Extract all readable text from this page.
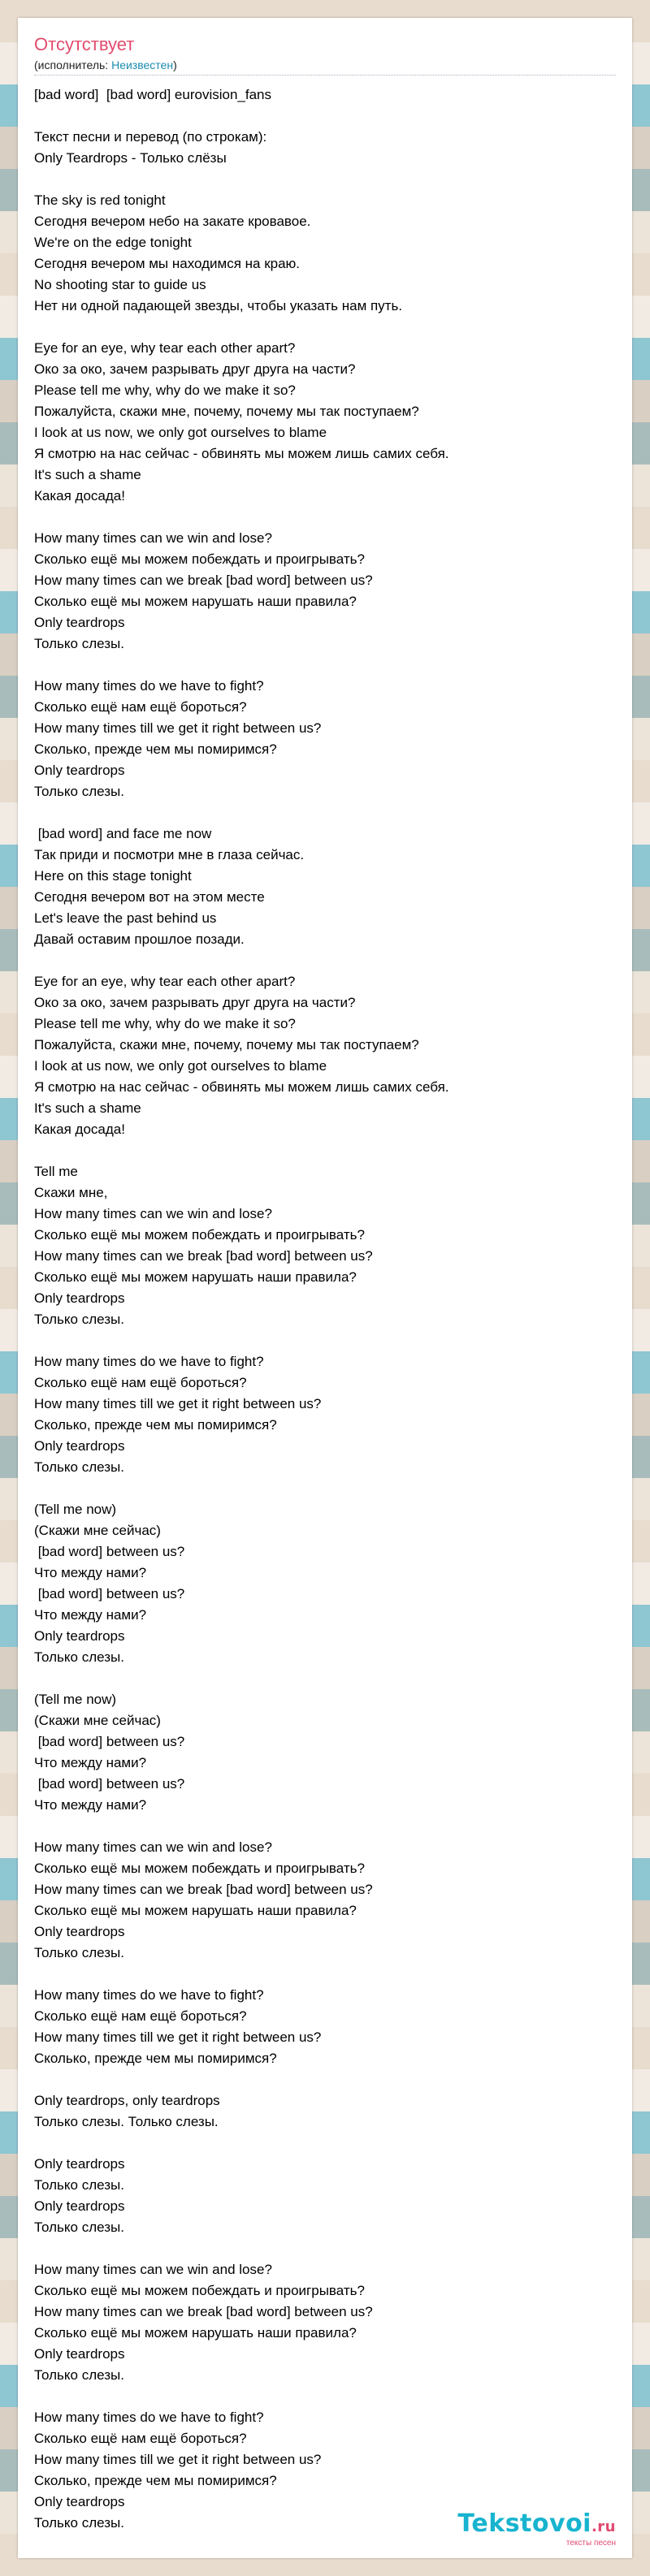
Отсутствует
(исполнитель: Неизвестен)
[bad word]  [bad word] eurovision_fans
Текст песни и перевод (по строкам):
Only Teardrops - Только слёзы
The sky is red tonight
Сегодня вечером небо на закате кровавое.
We're on the edge tonight
Сегодня вечером мы находимся на краю.
No shooting star to guide us
Нет ни одной падающей звезды, чтобы указать нам путь.
Eye for an eye, why tear each other apart?
Око за око, зачем разрывать друг друга на части?
Please tell me why, why do we make it so?
Пожалуйста, скажи мне, почему, почему мы так поступаем?
I look at us now, we only got ourselves to blame
Я смотрю на нас сейчас - обвинять мы можем лишь самих себя.
It's such a shame
Какая досада!
How many times can we win and lose?
Сколько ещё мы можем побеждать и проигрывать?
How many times can we break [bad word] between us?
Сколько ещё мы можем нарушать наши правила?
Only teardrops
Только слезы.
How many times do we have to fight?
Сколько ещё нам ещё бороться?
How many times till we get it right between us?
Сколько, прежде чем мы помиримся?
Only teardrops
Только слезы.
[bad word] and face me now
Так приди и посмотри мне в глаза сейчас.
Here on this stage tonight
Сегодня вечером вот на этом месте
Let's leave the past behind us
Давай оставим прошлое позади.
Eye for an eye, why tear each other apart?
Око за око, зачем разрывать друг друга на части?
Please tell me why, why do we make it so?
Пожалуйста, скажи мне, почему, почему мы так поступаем?
I look at us now, we only got ourselves to blame
Я смотрю на нас сейчас - обвинять мы можем лишь самих себя.
It's such a shame
Какая досада!
Tell me
Скажи мне,
How many times can we win and lose?
Сколько ещё мы можем побеждать и проигрывать?
How many times can we break [bad word] between us?
Сколько ещё мы можем нарушать наши правила?
Only teardrops
Только слезы.
How many times do we have to fight?
Сколько ещё нам ещё бороться?
How many times till we get it right between us?
Сколько, прежде чем мы помиримся?
Only teardrops
Только слезы.
(Tell me now)
(Скажи мне сейчас)
[bad word] between us?
Что между нами?
[bad word] between us?
Что между нами?
Only teardrops
Только слезы.
(Tell me now)
(Скажи мне сейчас)
[bad word] between us?
Что между нами?
[bad word] between us?
Что между нами?
How many times can we win and lose?
Сколько ещё мы можем побеждать и проигрывать?
How many times can we break [bad word] between us?
Сколько ещё мы можем нарушать наши правила?
Only teardrops
Только слезы.
How many times do we have to fight?
Сколько ещё нам ещё бороться?
How many times till we get it right between us?
Сколько, прежде чем мы помиримся?
Only teardrops, only teardrops
Только слезы. Только слезы.
Only teardrops
Только слезы.
Only teardrops
Только слезы.
How many times can we win and lose?
Сколько ещё мы можем побеждать и проигрывать?
How many times can we break [bad word] between us?
Сколько ещё мы можем нарушать наши правила?
Only teardrops
Только слезы.
How many times do we have to fight?
Сколько ещё нам ещё бороться?
How many times till we get it right between us?
Сколько, прежде чем мы помиримся?
Only teardrops
Только слезы.	Tekstovoi.ru
тексты песен
